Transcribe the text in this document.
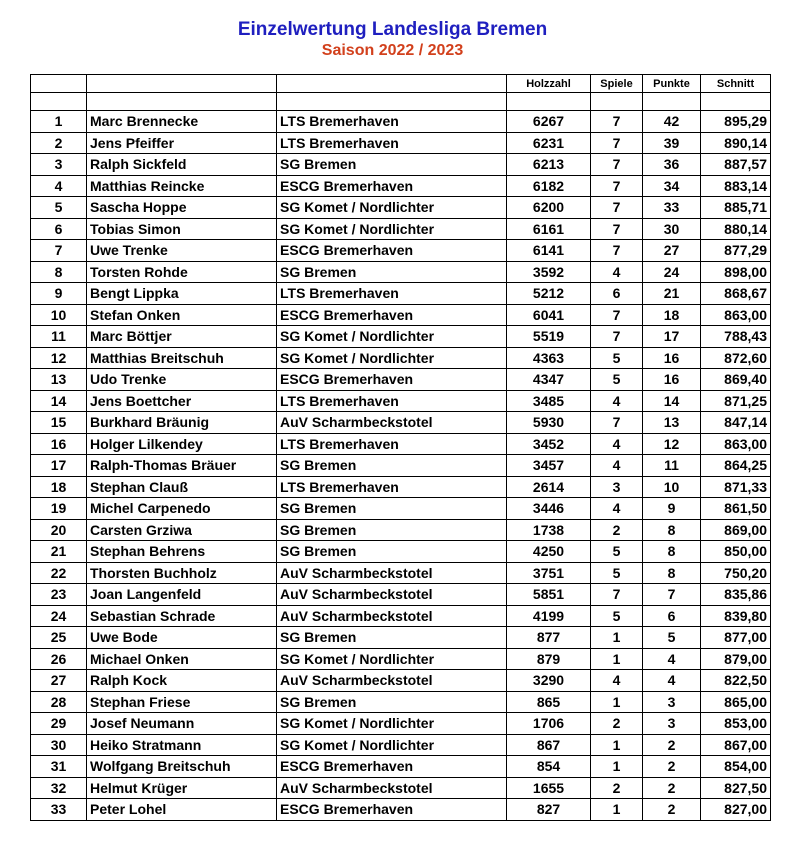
Einzelwertung Landesliga Bremen
Saison 2022 / 2023
			Holzzahl	Spiele	Punkte	Schnitt

1	Marc Brennecke	LTS Bremerhaven	6267	7	42	895,29
2	Jens Pfeiffer	LTS Bremerhaven	6231	7	39	890,14
3	Ralph Sickfeld	SG Bremen	6213	7	36	887,57
4	Matthias Reincke	ESCG Bremerhaven	6182	7	34	883,14
5	Sascha Hoppe	SG Komet / Nordlichter	6200	7	33	885,71
6	Tobias Simon	SG Komet / Nordlichter	6161	7	30	880,14
7	Uwe Trenke	ESCG Bremerhaven	6141	7	27	877,29
8	Torsten Rohde	SG Bremen	3592	4	24	898,00
9	Bengt Lippka	LTS Bremerhaven	5212	6	21	868,67
10	Stefan Onken	ESCG Bremerhaven	6041	7	18	863,00
11	Marc Böttjer	SG Komet / Nordlichter	5519	7	17	788,43
12	Matthias Breitschuh	SG Komet / Nordlichter	4363	5	16	872,60
13	Udo Trenke	ESCG Bremerhaven	4347	5	16	869,40
14	Jens Boettcher	LTS Bremerhaven	3485	4	14	871,25
15	Burkhard Bräunig	AuV Scharmbeckstotel	5930	7	13	847,14
16	Holger Lilkendey	LTS Bremerhaven	3452	4	12	863,00
17	Ralph-Thomas Bräuer	SG Bremen	3457	4	11	864,25
18	Stephan Clauß	LTS Bremerhaven	2614	3	10	871,33
19	Michel Carpenedo	SG Bremen	3446	4	9	861,50
20	Carsten Grziwa	SG Bremen	1738	2	8	869,00
21	Stephan Behrens	SG Bremen	4250	5	8	850,00
22	Thorsten Buchholz	AuV Scharmbeckstotel	3751	5	8	750,20
23	Joan Langenfeld	AuV Scharmbeckstotel	5851	7	7	835,86
24	Sebastian Schrade	AuV Scharmbeckstotel	4199	5	6	839,80
25	Uwe Bode	SG Bremen	877	1	5	877,00
26	Michael Onken	SG Komet / Nordlichter	879	1	4	879,00
27	Ralph Kock	AuV Scharmbeckstotel	3290	4	4	822,50
28	Stephan Friese	SG Bremen	865	1	3	865,00
29	Josef Neumann	SG Komet / Nordlichter	1706	2	3	853,00
30	Heiko Stratmann	SG Komet / Nordlichter	867	1	2	867,00
31	Wolfgang Breitschuh	ESCG Bremerhaven	854	1	2	854,00
32	Helmut Krüger	AuV Scharmbeckstotel	1655	2	2	827,50
33	Peter Lohel	ESCG Bremerhaven	827	1	2	827,00
